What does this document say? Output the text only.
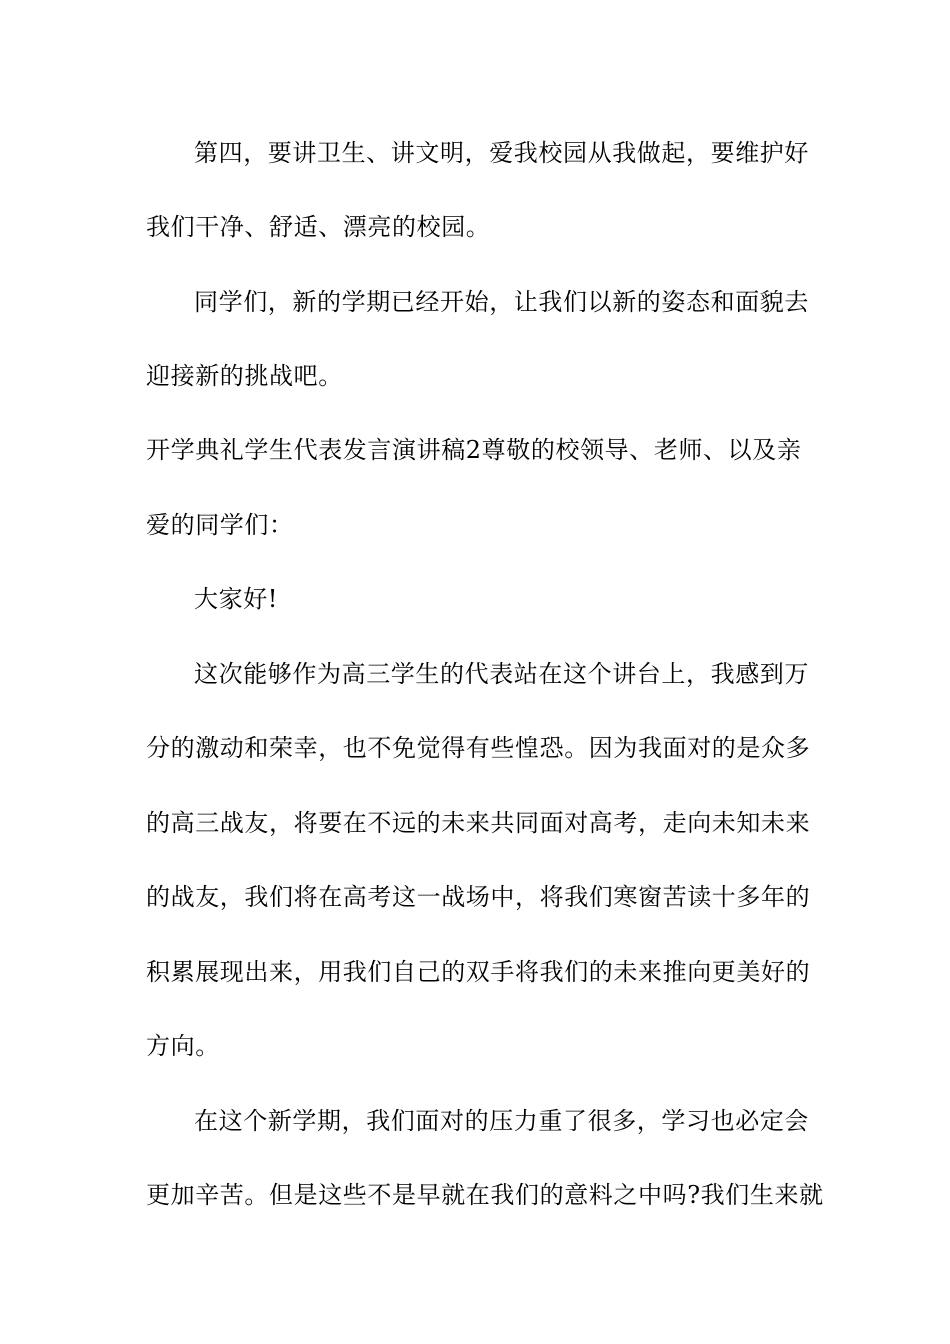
第四，要讲卫生、讲文明，爱我校园从我做起，要维护好
我们干净、舒适、漂亮的校园。
同学们，新的学期已经开始，让我们以新的姿态和面貌去
迎接新的挑战吧。
开学典礼学生代表发言演讲稿2尊敬的校领导、老师、以及亲
爱的同学们：
大家好!
这次能够作为高三学生的代表站在这个讲台上，我感到万
分的激动和荣幸，也不免觉得有些惶恐。因为我面对的是众多
的高三战友，将要在不远的未来共同面对高考，走向未知未来
的战友，我们将在高考这一战场中，将我们寒窗苦读十多年的
积累展现出来，用我们自己的双手将我们的未来推向更美好的
方向。
在这个新学期，我们面对的压力重了很多，学习也必定会
更加辛苦。但是这些不是早就在我们的意料之中吗?我们生来就
